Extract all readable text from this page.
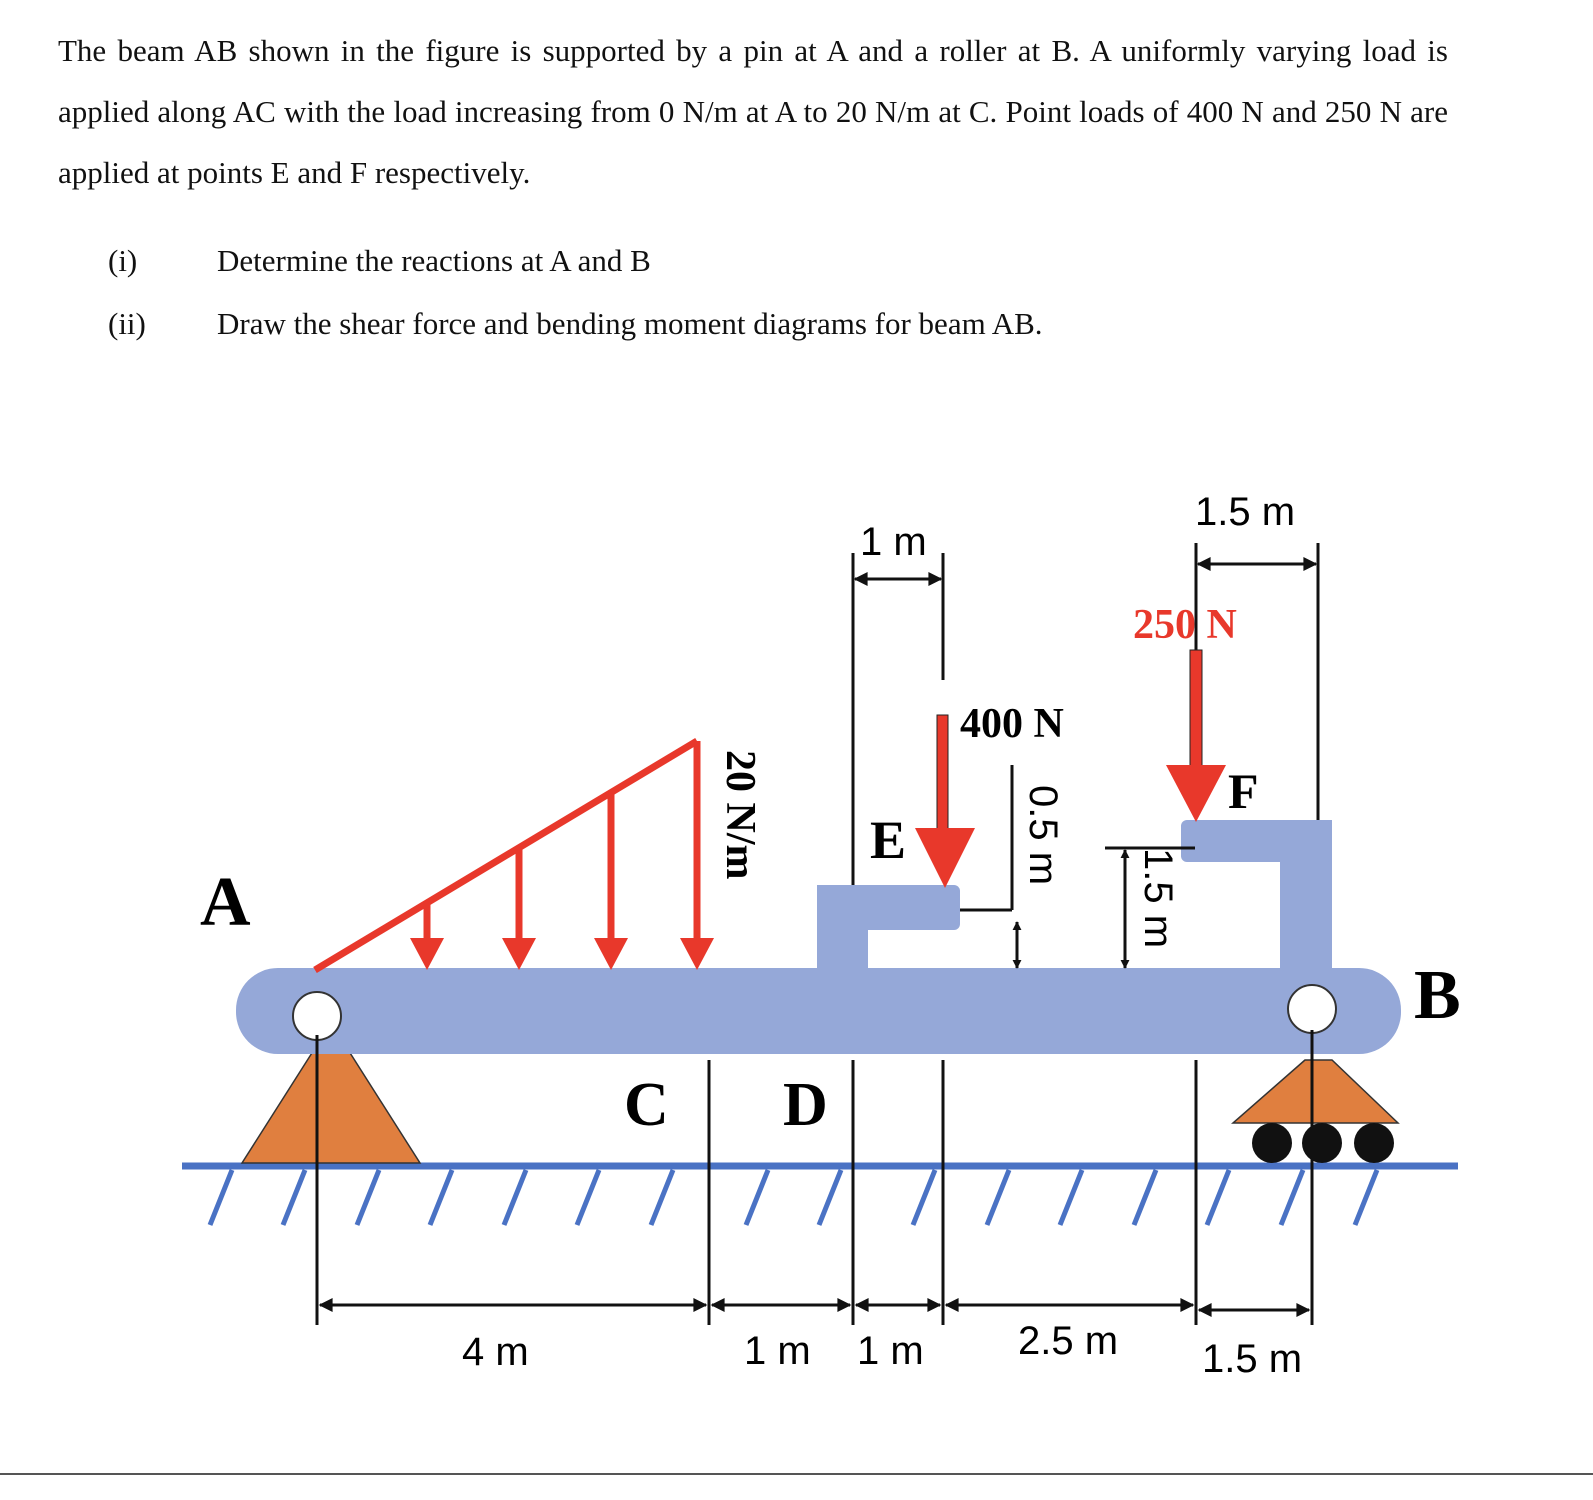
The beam AB shown in the figure is supported by a pin at A and a roller at B. A uniformly varying load is applied along AC with the load increasing from 0 N/m at A to 20 N/m at C. Point loads of 400 N and 250 N are applied at points E and F respectively.
(i)	Determine the reactions at A and B
(ii) Draw the shear force and bending moment diagrams for beam AB.
A
B
C D
E
F
20 N/m
400 N
250 N
1 m
1.5 m
0.5 m
1.5 m
4 m	1 m 1 m 2.5 m 1.5 m
